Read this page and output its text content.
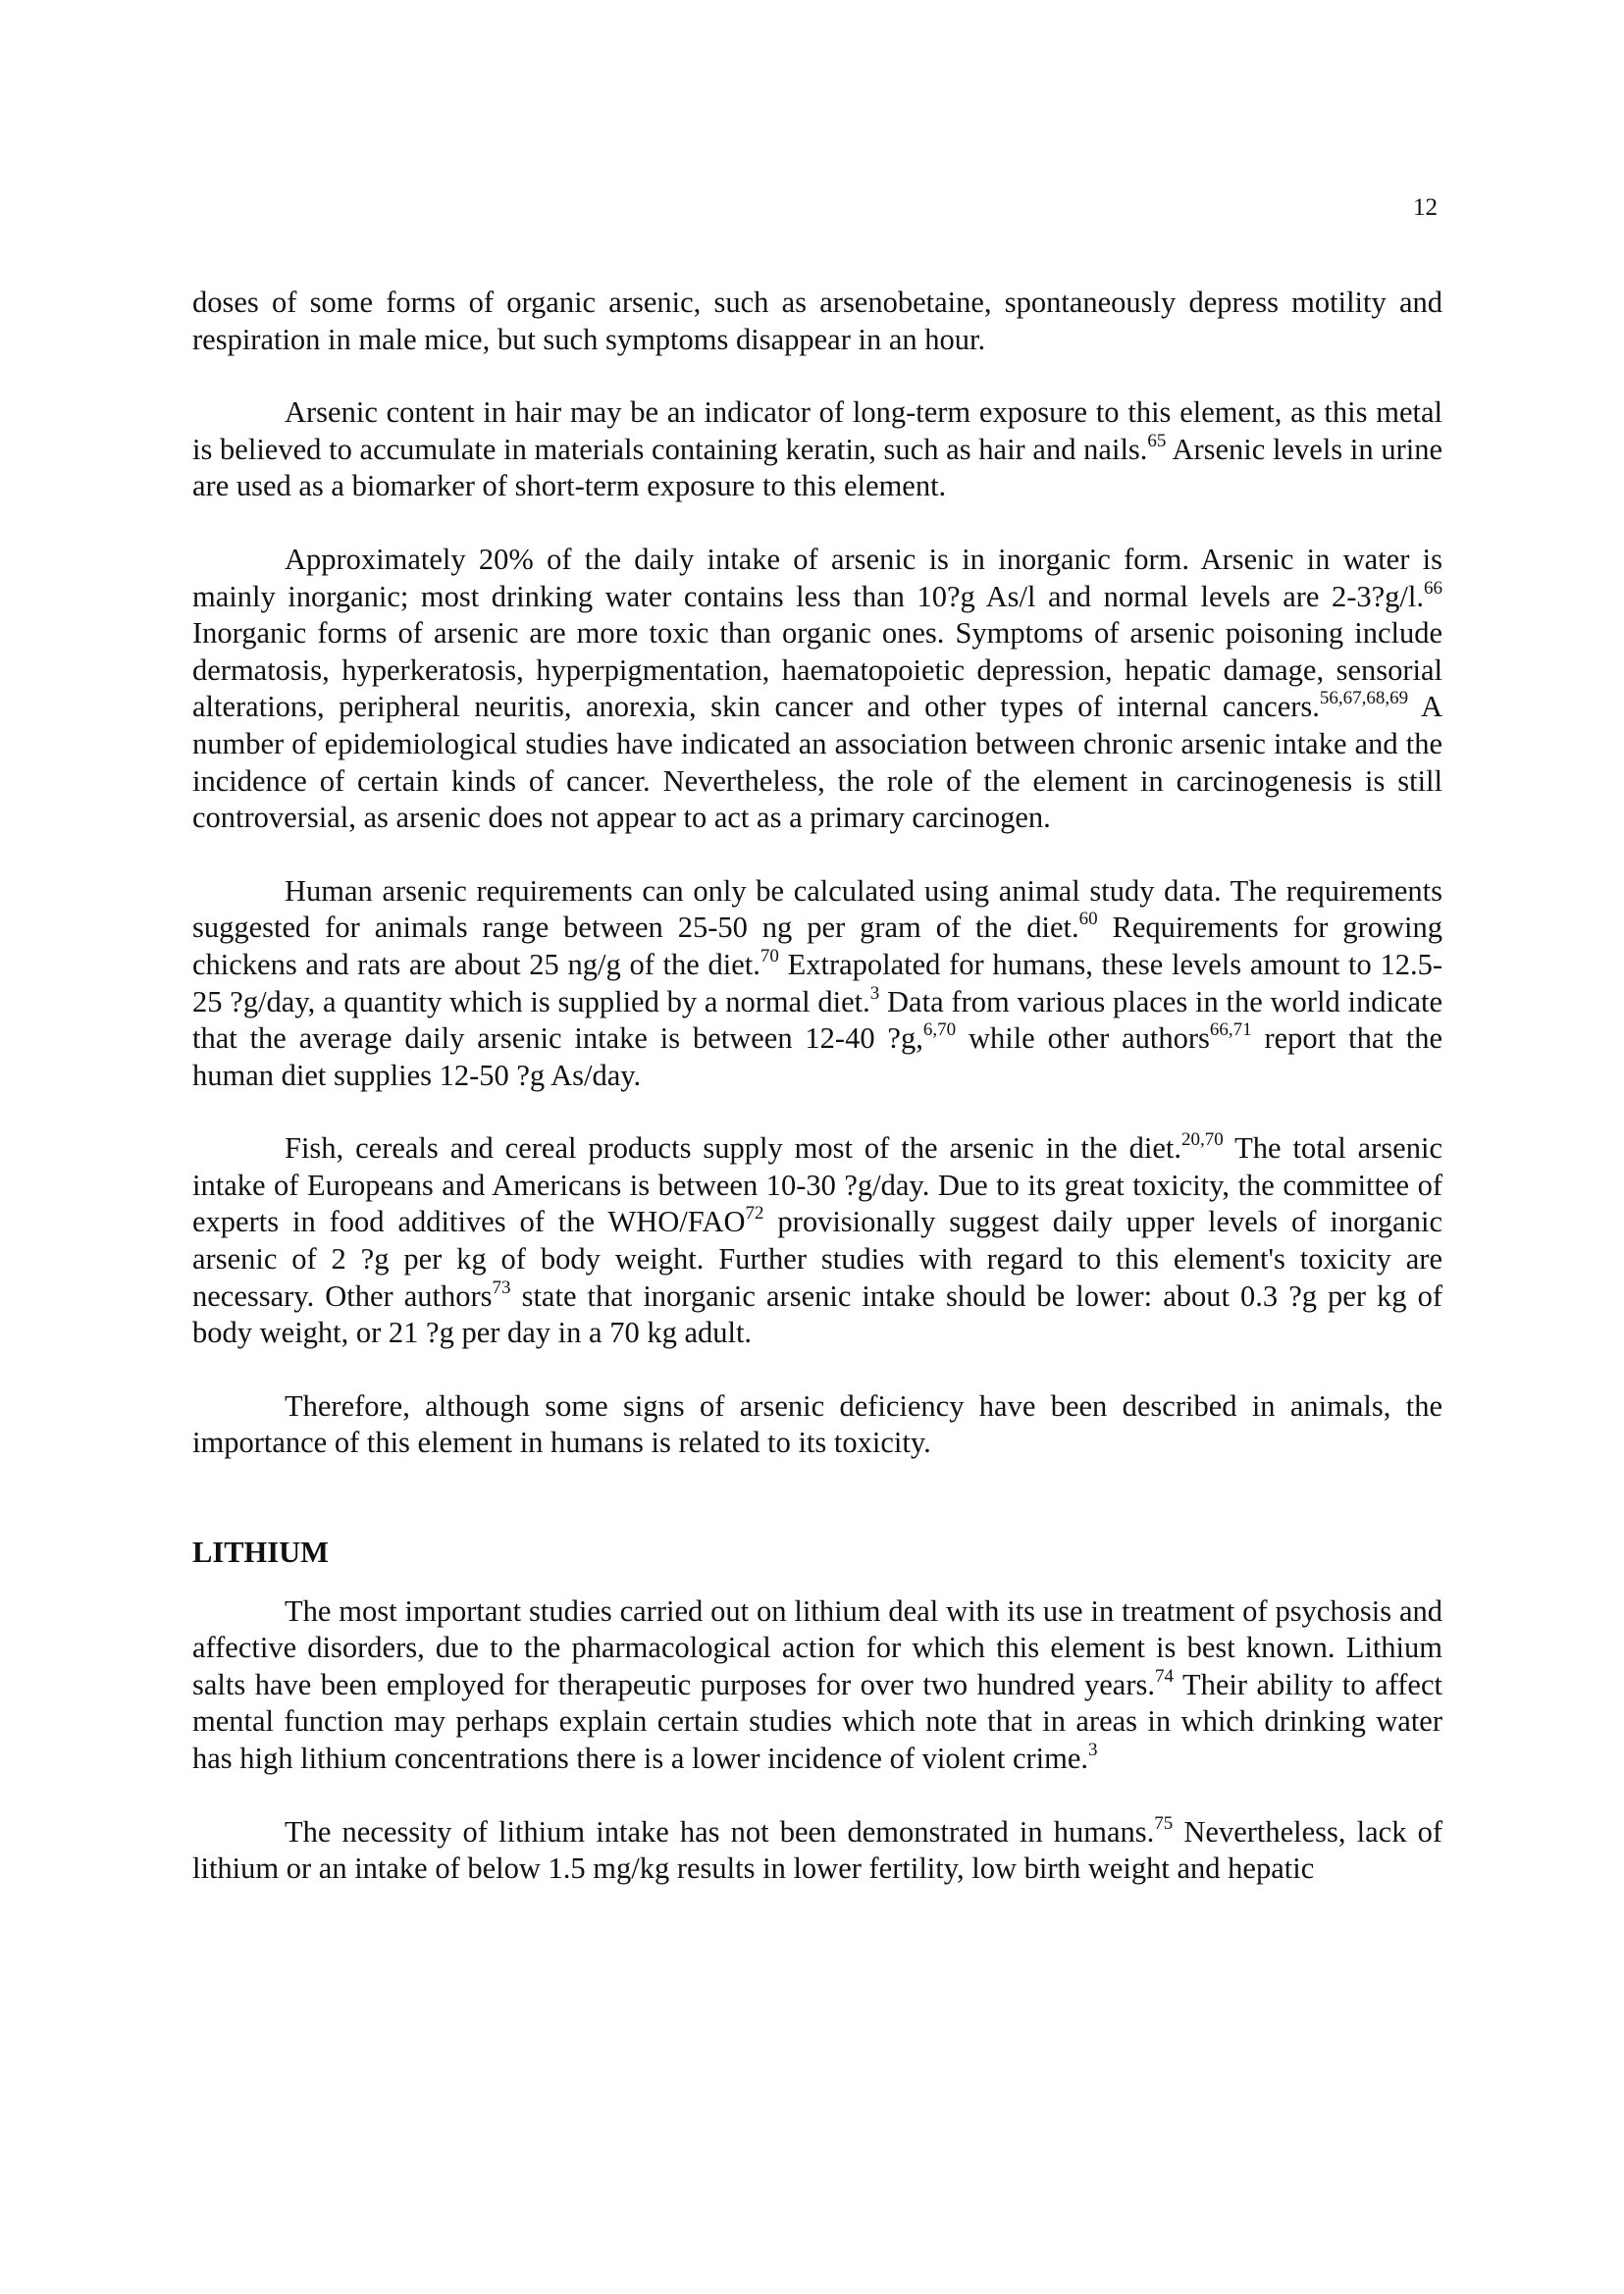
12

doses of some forms of organic arsenic, such as arsenobetaine, spontaneously depress motility and respiration in male mice, but such symptoms disappear in an hour.

Arsenic content in hair may be an indicator of long-term exposure to this element, as this metal is believed to accumulate in materials containing keratin, such as hair and nails.$^{65}$ Arsenic levels in urine are used as a biomarker of short-term exposure to this element.

Approximately 20% of the daily intake of arsenic is in inorganic form. Arsenic in water is mainly inorganic; most drinking water contains less than 10?g As/l and normal levels are 2-3?g/l.$^{66}$ Inorganic forms of arsenic are more toxic than organic ones. Symptoms of arsenic poisoning include dermatosis, hyperkeratosis, hyperpigmentation, haematopoietic depression, hepatic damage, sensorial alterations, peripheral neuritis, anorexia, skin cancer and other types of internal cancers.$^{56,67,68,69}$ A number of epidemiological studies have indicated an association between chronic arsenic intake and the incidence of certain kinds of cancer. Nevertheless, the role of the element in carcinogenesis is still controversial, as arsenic does not appear to act as a primary carcinogen.

Human arsenic requirements can only be calculated using animal study data. The requirements suggested for animals range between 25-50 ng per gram of the diet.$^{60}$ Requirements for growing chickens and rats are about 25 ng/g of the diet.$^{70}$ Extrapolated for humans, these levels amount to 12.5-25 ?g/day, a quantity which is supplied by a normal diet.$^3$ Data from various places in the world indicate that the average daily arsenic intake is between 12-40 ?g,$^{6,70}$ while other authors$^{66,71}$ report that the human diet supplies 12-50 ?g As/day.

Fish, cereals and cereal products supply most of the arsenic in the diet.$^{20,70}$ The total arsenic intake of Europeans and Americans is between 10-30 ?g/day. Due to its great toxicity, the committee of experts in food additives of the WHO/FAO$^{72}$ provisionally suggest daily upper levels of inorganic arsenic of 2 ?g per kg of body weight. Further studies with regard to this element's toxicity are necessary. Other authors$^{73}$ state that inorganic arsenic intake should be lower: about 0.3 ?g per kg of body weight, or 21 ?g per day in a 70 kg adult.

Therefore, although some signs of arsenic deficiency have been described in animals, the importance of this element in humans is related to its toxicity.

LITHIUM

The most important studies carried out on lithium deal with its use in treatment of psychosis and affective disorders, due to the pharmacological action for which this element is best known. Lithium salts have been employed for therapeutic purposes for over two hundred years.$^{74}$ Their ability to affect mental function may perhaps explain certain studies which note that in areas in which drinking water has high lithium concentrations there is a lower incidence of violent crime.$^3$

The necessity of lithium intake has not been demonstrated in humans.$^{75}$ Nevertheless, lack of lithium or an intake of below 1.5 mg/kg results in lower fertility, low birth weight and hepatic
